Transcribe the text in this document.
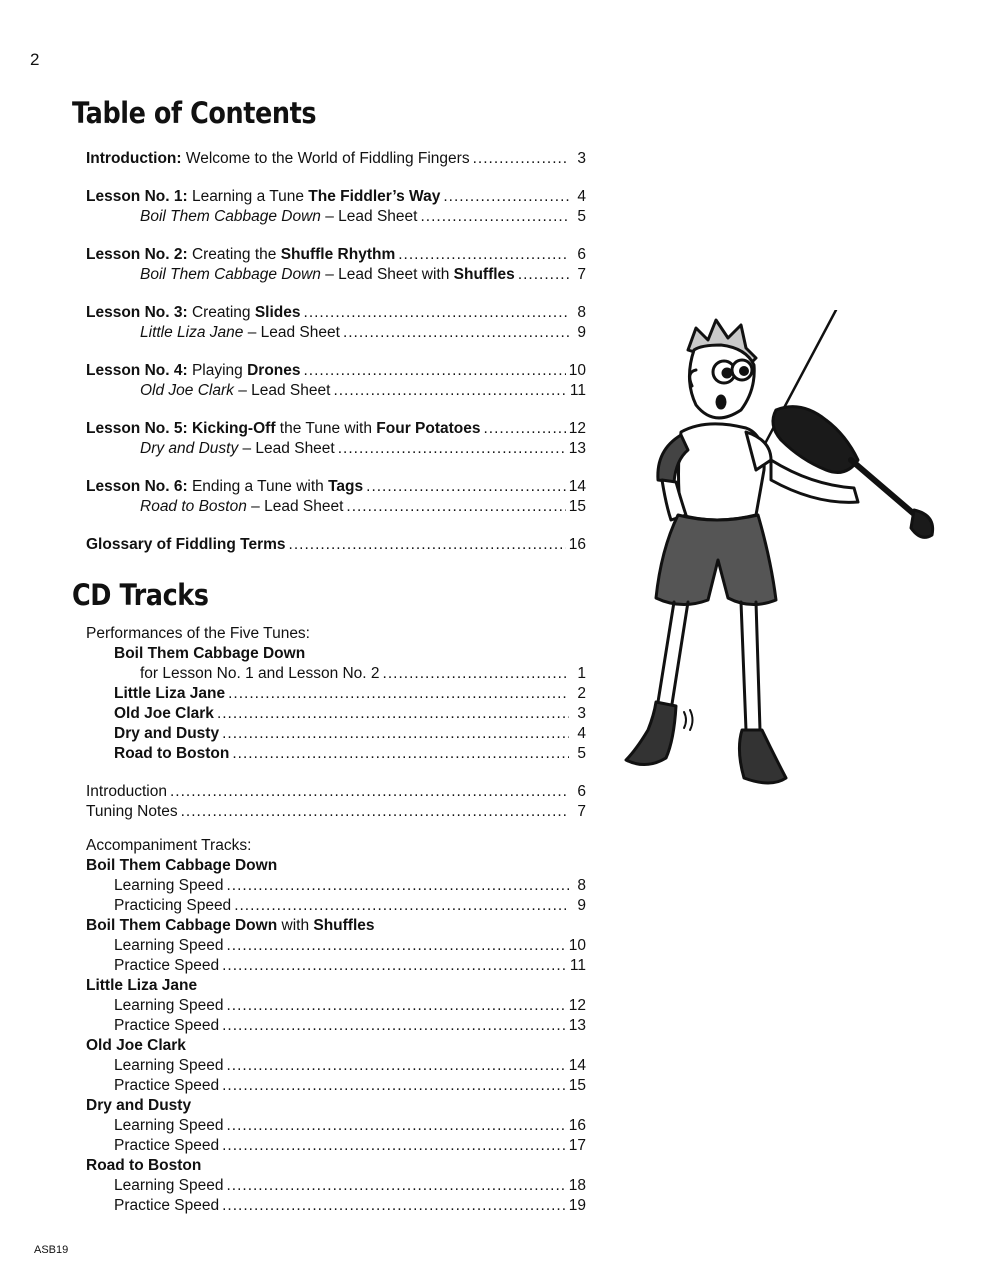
2
Table of Contents
Introduction: Welcome to the World of Fiddling Fingers .....	3
Lesson No. 1: Learning a Tune The Fiddler’s Way .....	4
Boil Them Cabbage Down – Lead Sheet .....	5
Lesson No. 2: Creating the Shuffle Rhythm .....	6
Boil Them Cabbage Down – Lead Sheet with Shuffles .....	7
Lesson No. 3: Creating Slides .....	8
Little Liza Jane – Lead Sheet .....	9
Lesson No. 4: Playing Drones .....	10
Old Joe Clark – Lead Sheet .....	11
Lesson No. 5: Kicking-Off the Tune with Four Potatoes .....	12
Dry and Dusty – Lead Sheet .....	13
Lesson No. 6: Ending a Tune with Tags .....	14
Road to Boston – Lead Sheet .....	15
Glossary of Fiddling Terms .....	16
CD Tracks
Performances of the Five Tunes:
Boil Them Cabbage Down
for Lesson No. 1 and Lesson No. 2 .....	1
Little Liza Jane .....	2
Old Joe Clark .....	3
Dry and Dusty .....	4
Road to Boston .....	5
Introduction .....	6
Tuning Notes .....	7
Accompaniment Tracks:
Boil Them Cabbage Down
Learning Speed .....	8
Practicing Speed .....	9
Boil Them Cabbage Down with Shuffles
Learning Speed .....	10
Practice Speed .....	11
Little Liza Jane
Learning Speed .....	12
Practice Speed .....	13
Old Joe Clark
Learning Speed .....	14
Practice Speed .....	15
Dry and Dusty
Learning Speed .....	16
Practice Speed .....	17
Road to Boston
Learning Speed .....	18
Practice Speed .....	19
ASB19
